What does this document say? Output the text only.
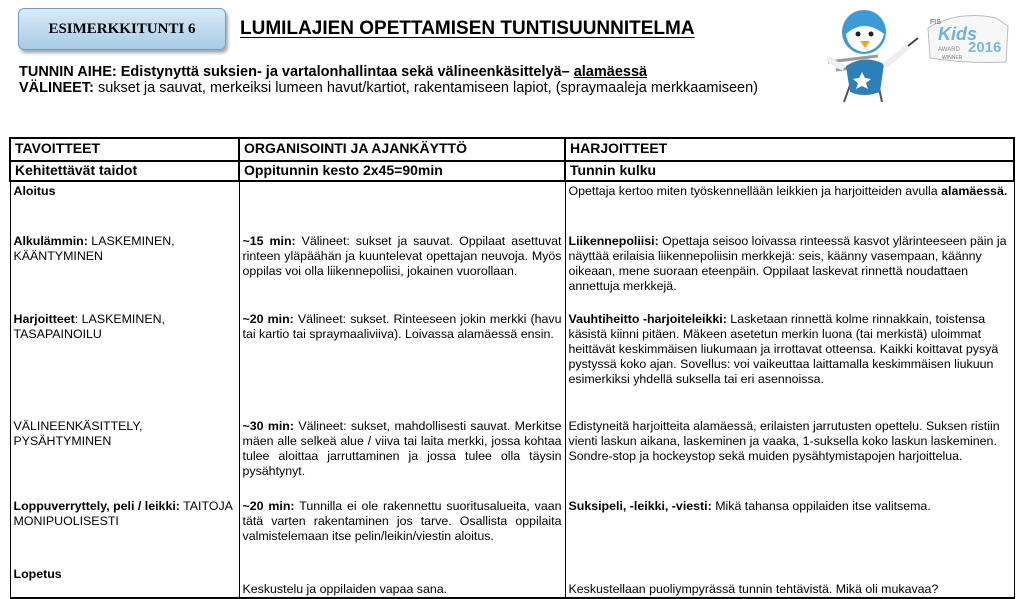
ESIMERKKITUNTI 6	LUMILAJIEN OPETTAMISEN TUNTISUUNNITELMA	FIS
Kids
AWARD 2016
WINNER
TUNNIN AIHE: Edistynyttä suksien- ja vartalonhallintaa sekä välineenkäsittelyä– alamäessä
VÄLINEET: sukset ja sauvat, merkeiksi lumeen havut/kartiot, rakentamiseen lapiot, (spraymaaleja merkkaamiseen)
TAVOITTEET	ORGANISOINTI JA AJANKÄYTTÖ	HARJOITTEET
Kehitettävät taidot	Oppitunnin kesto 2x45=90min	Tunnin kulku
Aloitus		Opettaja kertoo miten työskennellään leikkien ja harjoitteiden avulla alamäessä.
Alkulämmin: LASKEMINEN, KÄÄNTYMINEN	~15 min: Välineet: sukset ja sauvat. Oppilaat asettuvat rinteen yläpäähän ja kuuntelevat opettajan neuvoja. Myös oppilas voi olla liikennepoliisi, jokainen vuorollaan.	Liikennepoliisi: Opettaja seisoo loivassa rinteessä kasvot ylärinteeseen päin ja näyttää erilaisia liikennepoliisin merkkejä: seis, käänny vasempaan, käänny oikeaan, mene suoraan eteenpäin. Oppilaat laskevat rinnettä noudattaen annettuja merkkejä.
Harjoitteet: LASKEMINEN, TASAPAINOILU	~20 min: Välineet: sukset. Rinteeseen jokin merkki (havu tai kartio tai spraymaaliviiva). Loivassa alamäessä ensin.	Vauhtiheitto -harjoiteleikki: Lasketaan rinnettä kolme rinnakkain, toistensa käsistä kiinni pitäen. Mäkeen asetetun merkin luona (tai merkistä) uloimmat heittävät keskimmäisen liukumaan ja irrottavat otteensa. Kaikki koittavat pysyä pystyssä koko ajan. Sovellus: voi vaikeuttaa laittamalla keskimmäisen liukuun esimerkiksi yhdellä suksella tai eri asennoissa.
VÄLINEENKÄSITTELY, PYSÄHTYMINEN	~30 min: Välineet: sukset, mahdollisesti sauvat. Merkitse mäen alle selkeä alue / viiva tai laita merkki, jossa kohtaa tulee aloittaa jarruttaminen ja jossa tulee olla täysin pysähtynyt.	Edistyneitä harjoitteita alamäessä, erilaisten jarrutusten opettelu. Suksen ristiin vienti laskun aikana, laskeminen ja vaaka, 1-suksella koko laskun laskeminen. Sondre-stop ja hockeystop sekä muiden pysähtymistapojen harjoittelua.
Loppuverryttely, peli / leikki: TAITOJA MONIPUOLISESTI	~20 min: Tunnilla ei ole rakennettu suoritusalueita, vaan tätä varten rakentaminen jos tarve. Osallista oppilaita valmistelemaan itse pelin/leikin/viestin aloitus.	Suksipeli, -leikki, -viesti: Mikä tahansa oppilaiden itse valitsema.
Lopetus	Keskustelu ja oppilaiden vapaa sana.	Keskustellaan puoliympyrässä tunnin tehtävistä. Mikä oli mukavaa?
